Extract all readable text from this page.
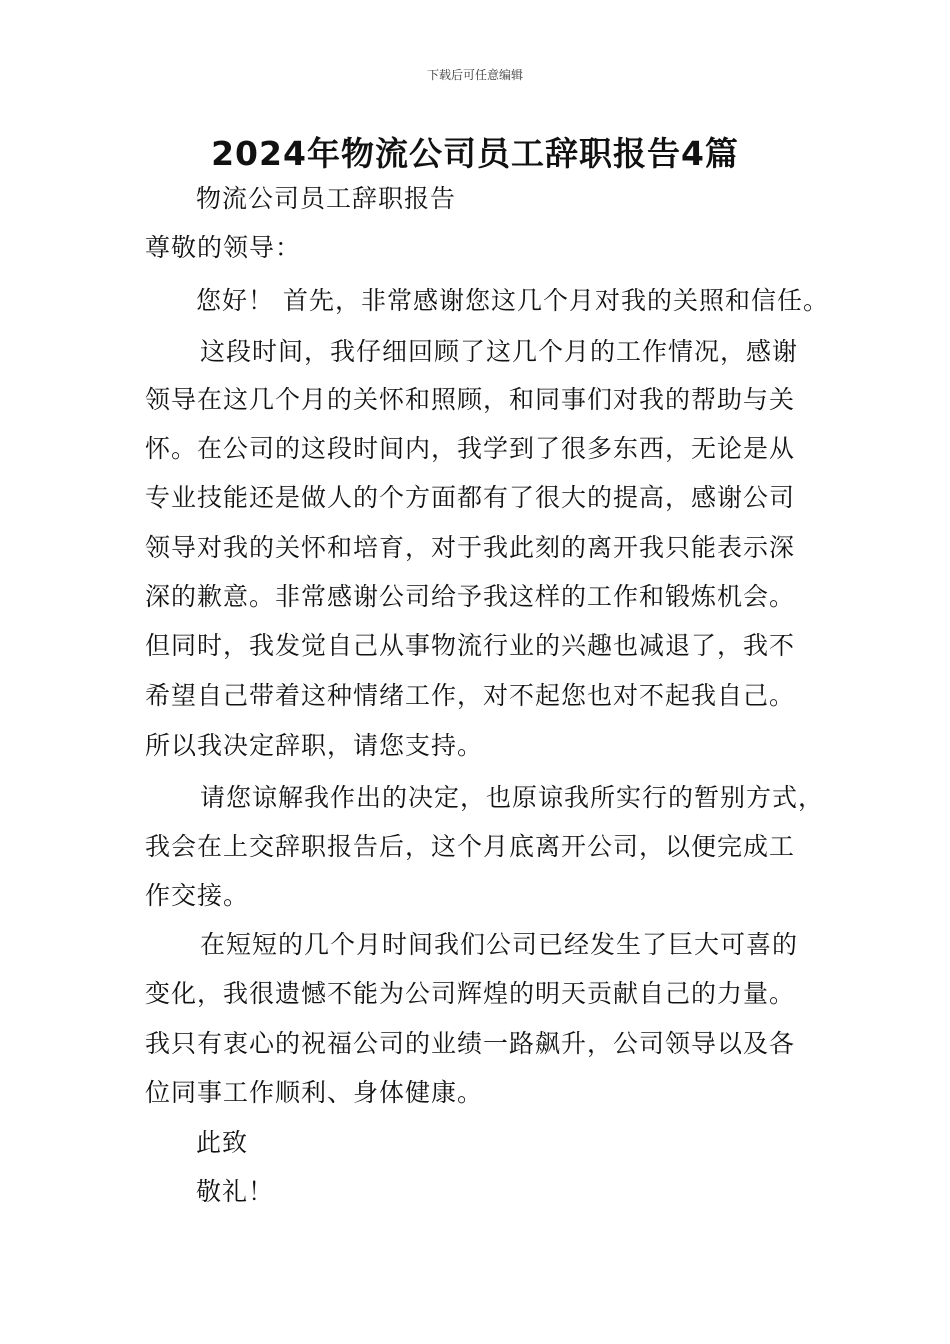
下载后可任意编辑
2024年物流公司员工辞职报告4篇
物流公司员工辞职报告
尊敬的领导：
您好！ 首先，非常感谢您这几个月对我的关照和信任。
这段时间，我仔细回顾了这几个月的工作情况，感谢
领导在这几个月的关怀和照顾，和同事们对我的帮助与关
怀。在公司的这段时间内，我学到了很多东西，无论是从
专业技能还是做人的个方面都有了很大的提高，感谢公司
领导对我的关怀和培育，对于我此刻的离开我只能表示深
深的歉意。非常感谢公司给予我这样的工作和锻炼机会。
但同时，我发觉自己从事物流行业的兴趣也减退了，我不
希望自己带着这种情绪工作，对不起您也对不起我自己。
所以我决定辞职，请您支持。
请您谅解我作出的决定，也原谅我所实行的暂别方式，
我会在上交辞职报告后，这个月底离开公司，以便完成工
作交接。
在短短的几个月时间我们公司已经发生了巨大可喜的
变化，我很遗憾不能为公司辉煌的明天贡献自己的力量。
我只有衷心的祝福公司的业绩一路飙升，公司领导以及各
位同事工作顺利、身体健康。
此致
敬礼！
